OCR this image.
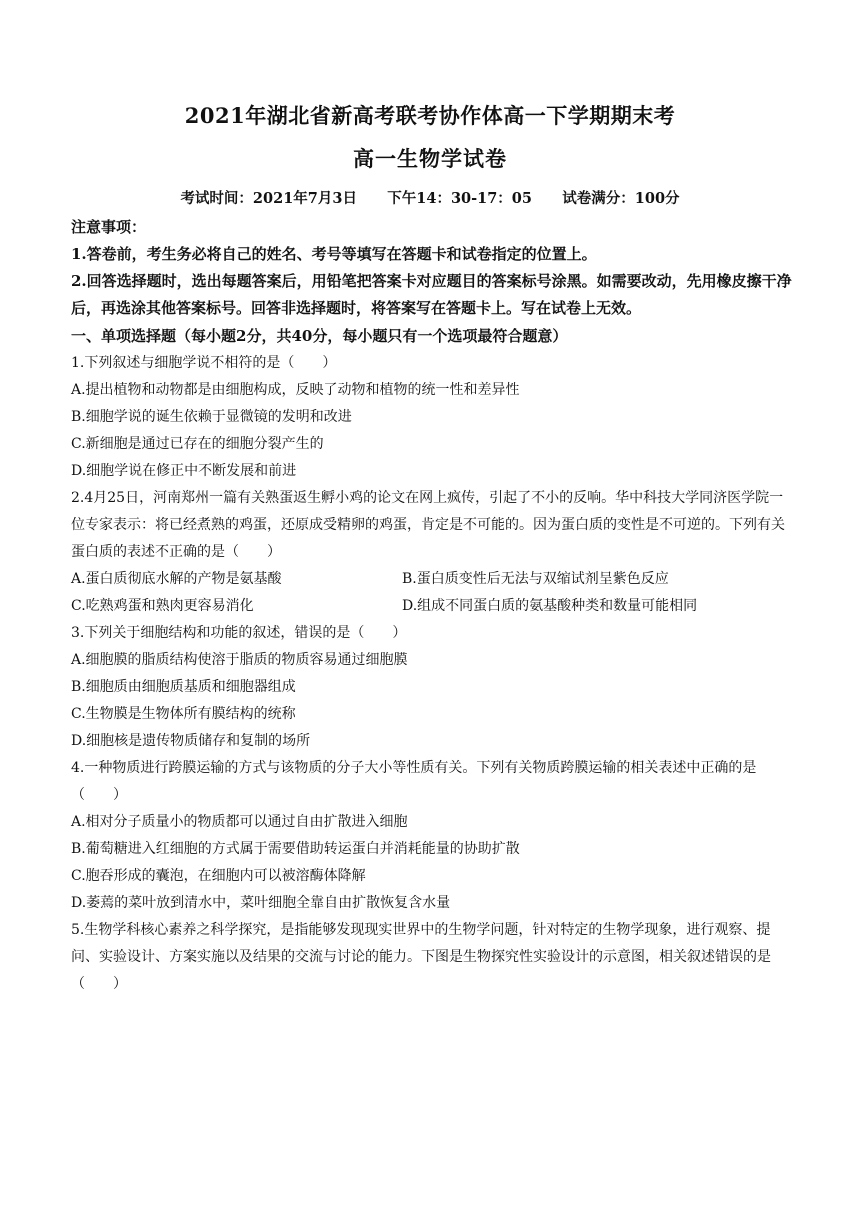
2021年湖北省新高考联考协作体高一下学期期末考
高一生物学试卷
考试时间：2021年7月3日      下午14：30-17：05      试卷满分：100分
注意事项：
1.答卷前，考生务必将自己的姓名、考号等填写在答题卡和试卷指定的位置上。
2.回答选择题时，选出每题答案后，用铅笔把答案卡对应题目的答案标号涂黑。如需要改动，先用橡皮擦干净后，再选涂其他答案标号。回答非选择题时，将答案写在答题卡上。写在试卷上无效。
一、单项选择题（每小题2分，共40分，每小题只有一个选项最符合题意）
1.下列叙述与细胞学说不相符的是（　　）
A.提出植物和动物都是由细胞构成，反映了动物和植物的统一性和差异性
B.细胞学说的诞生依赖于显微镜的发明和改进
C.新细胞是通过已存在的细胞分裂产生的
D.细胞学说在修正中不断发展和前进
2.4月25日，河南郑州一篇有关熟蛋返生孵小鸡的论文在网上疯传，引起了不小的反响。华中科技大学同济医学院一位专家表示：将已经煮熟的鸡蛋，还原成受精卵的鸡蛋，肯定是不可能的。因为蛋白质的变性是不可逆的。下列有关蛋白质的表述不正确的是（　　）
A.蛋白质彻底水解的产物是氨基酸	B.蛋白质变性后无法与双缩试剂呈紫色反应
C.吃熟鸡蛋和熟肉更容易消化	D.组成不同蛋白质的氨基酸种类和数量可能相同
3.下列关于细胞结构和功能的叙述，错误的是（　　）
A.细胞膜的脂质结构使溶于脂质的物质容易通过细胞膜
B.细胞质由细胞质基质和细胞器组成
C.生物膜是生物体所有膜结构的统称
D.细胞核是遗传物质储存和复制的场所
4.一种物质进行跨膜运输的方式与该物质的分子大小等性质有关。下列有关物质跨膜运输的相关表述中正确的是（　　）
A.相对分子质量小的物质都可以通过自由扩散进入细胞
B.葡萄糖进入红细胞的方式属于需要借助转运蛋白并消耗能量的协助扩散
C.胞吞形成的囊泡，在细胞内可以被溶酶体降解
D.萎蔫的菜叶放到清水中，菜叶细胞全靠自由扩散恢复含水量
5.生物学科核心素养之科学探究，是指能够发现现实世界中的生物学问题，针对特定的生物学现象，进行观察、提问、实验设计、方案实施以及结果的交流与讨论的能力。下图是生物探究性实验设计的示意图，相关叙述错误的是（　　）
